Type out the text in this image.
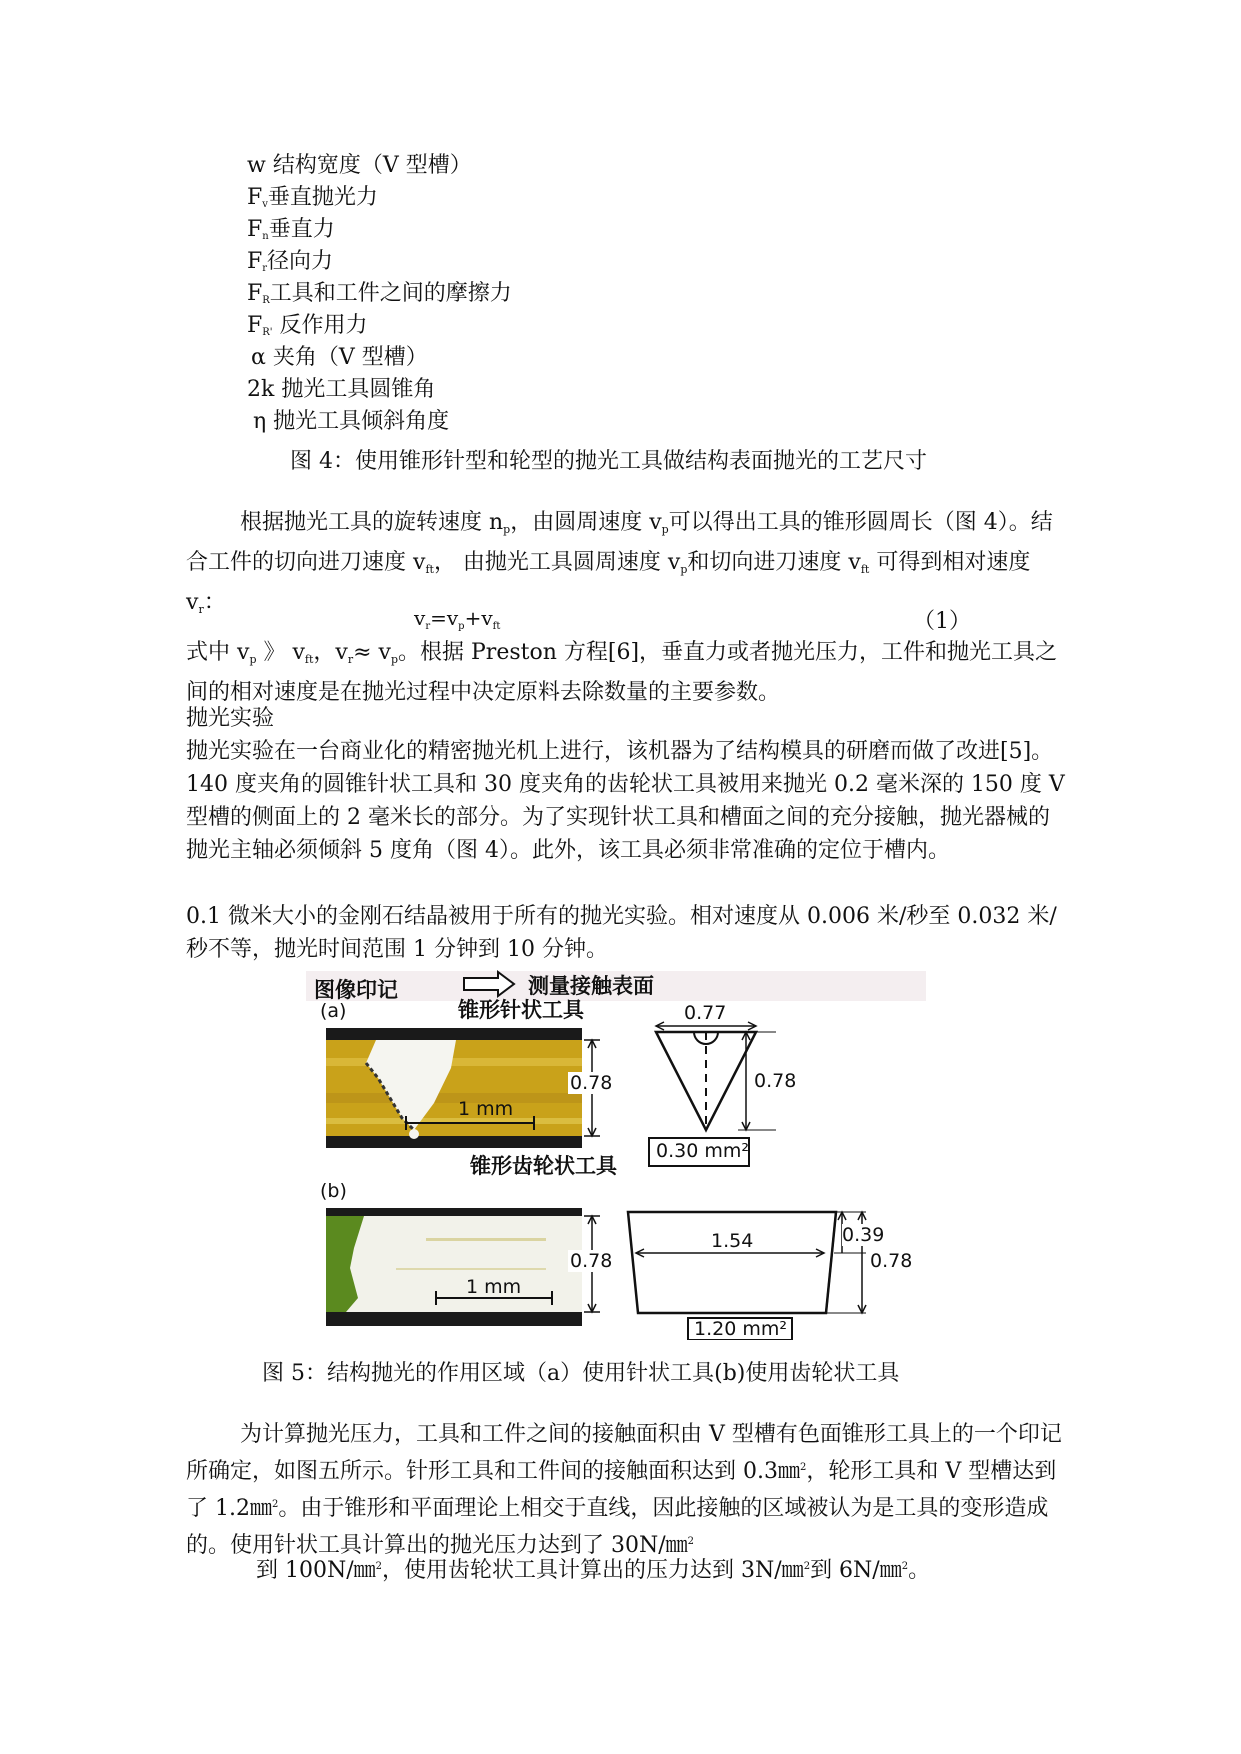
w 结构宽度（V 型槽）
$F_v$垂直抛光力
$F_n$垂直力
$F_r$径向力
$F_R$工具和工件之间的摩擦力
$F_{R'}$ 反作用力
α 夹角（V 型槽）
2k 抛光工具圆锥角
η 抛光工具倾斜角度
图 4：使用锥形针型和轮型的抛光工具做结构表面抛光的工艺尺寸
根据抛光工具的旋转速度 $n_p$，由圆周速度 $v_p$可以得出工具的锥形圆周长（图 4）。结合工件的切向进刀速度 $v_{ft}$， 由抛光工具圆周速度 $v_p$和切向进刀速度 $v_{ft}$ 可得到相对速度 $v_r$：
$v_r=v_p+v_{ft}$	（1）
式中 $v_p$ 》 $v_{ft}$，$v_r\approx v_p$。根据 Preston 方程[6]，垂直力或者抛光压力，工件和抛光工具之间的相对速度是在抛光过程中决定原料去除数量的主要参数。
抛光实验
抛光实验在一台商业化的精密抛光机上进行，该机器为了结构模具的研磨而做了改进[5]。140 度夹角的圆锥针状工具和 30 度夹角的齿轮状工具被用来抛光 0.2 毫米深的 150 度 V 型槽的侧面上的 2 毫米长的部分。为了实现针状工具和槽面之间的充分接触，抛光器械的抛光主轴必须倾斜 5 度角（图 4）。此外，该工具必须非常准确的定位于槽内。
0.1 微米大小的金刚石结晶被用于所有的抛光实验。相对速度从 0.006 米/秒至 0.032 米/秒不等，抛光时间范围 1 分钟到 10 分钟。
图像印记	测量接触表面
(a)	锥形针状工具
1 mm
0.78
0.77
0.78
0.30 mm²
锥形齿轮状工具
(b)
1 mm
0.78
1.54	0.39
0.78
1.20 mm²
图 5：结构抛光的作用区域（a）使用针状工具(b)使用齿轮状工具
为计算抛光压力，工具和工件之间的接触面积由 V 型槽有色面锥形工具上的一个印记所确定，如图五所示。针形工具和工件间的接触面积达到 0.3㎜$^2$，轮形工具和 V 型槽达到了 1.2㎜$^2$。由于锥形和平面理论上相交于直线，因此接触的区域被认为是工具的变形造成的。使用针状工具计算出的抛光压力达到了 30N/㎜$^2$
到 100N/㎜$^2$，使用齿轮状工具计算出的压力达到 3N/㎜$^2$到 6N/㎜$^2$。
